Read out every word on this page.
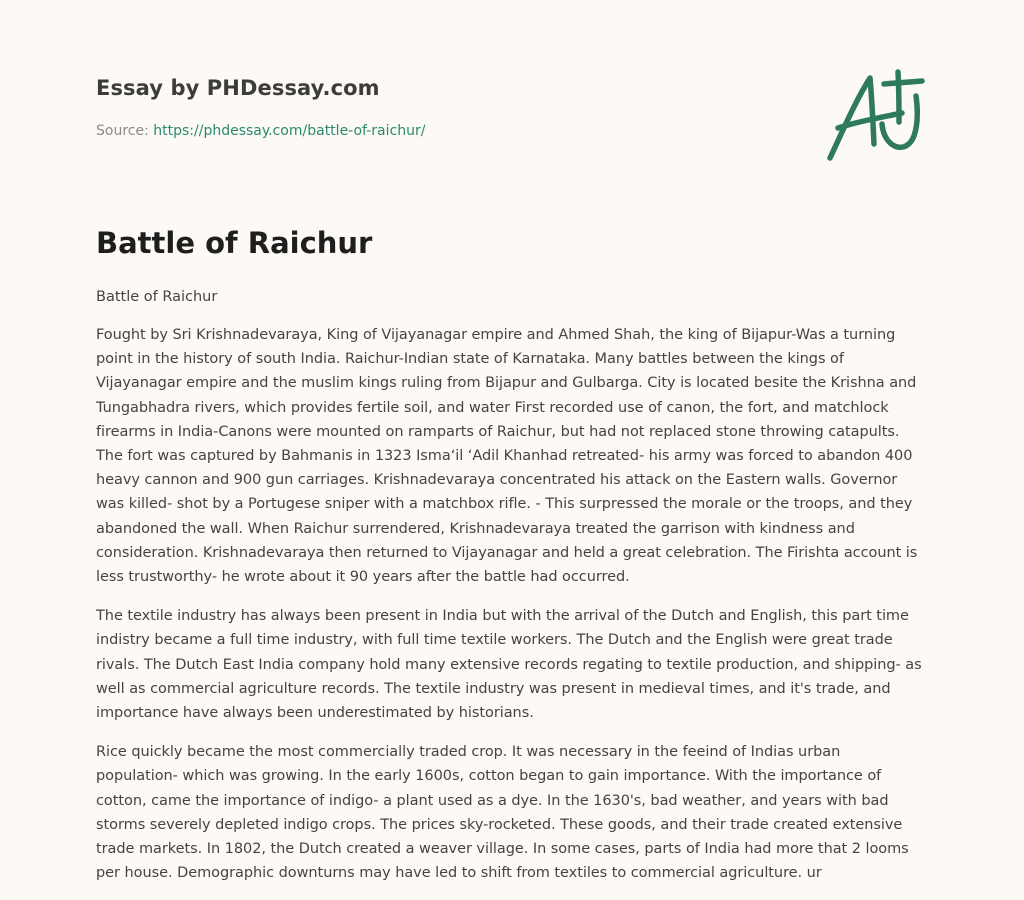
Essay by PHDessay.com
Source: https://phdessay.com/battle-of-raichur/
Battle of Raichur

Battle of Raichur

Fought by Sri Krishnadevaraya, King of Vijayanagar empire and Ahmed Shah, the king of Bijapur-Was a turning point in the history of south India. Raichur-Indian state of Karnataka. Many battles between the kings of Vijayanagar empire and the muslim kings ruling from Bijapur and Gulbarga. City is located besite the Krishna and Tungabhadra rivers, which provides fertile soil, and water First recorded use of canon, the fort, and matchlock firearms in India-Canons were mounted on ramparts of Raichur, but had not replaced stone throwing catapults. The fort was captured by Bahmanis in 1323 Isma‘il ‘Adil Khanhad retreated- his army was forced to abandon 400 heavy cannon and 900 gun carriages. Krishnadevaraya concentrated his attack on the Eastern walls. Governor was killed- shot by a Portugese sniper with a matchbox rifle. - This surpressed the morale or the troops, and they abandoned the wall. When Raichur surrendered, Krishnadevaraya treated the garrison with kindness and consideration. Krishnadevaraya then returned to Vijayanagar and held a great celebration. The Firishta account is less trustworthy- he wrote about it 90 years after the battle had occurred.

The textile industry has always been present in India but with the arrival of the Dutch and English, this part time indistry became a full time industry, with full time textile workers. The Dutch and the English were great trade rivals. The Dutch East India company hold many extensive records regating to textile production, and shipping- as well as commercial agriculture records. The textile industry was present in medieval times, and it's trade, and importance have always been underestimated by historians.

Rice quickly became the most commercially traded crop. It was necessary in the feeind of Indias urban population- which was growing. In the early 1600s, cotton began to gain importance. With the importance of cotton, came the importance of indigo- a plant used as a dye. In the 1630's, bad weather, and years with bad storms severely depleted indigo crops. The prices sky-rocketed. These goods, and their trade created extensive trade markets. In 1802, the Dutch created a weaver village. In some cases, parts of India had more that 2 looms per house. Demographic downturns may have led to shift from textiles to commercial agriculture. ur
